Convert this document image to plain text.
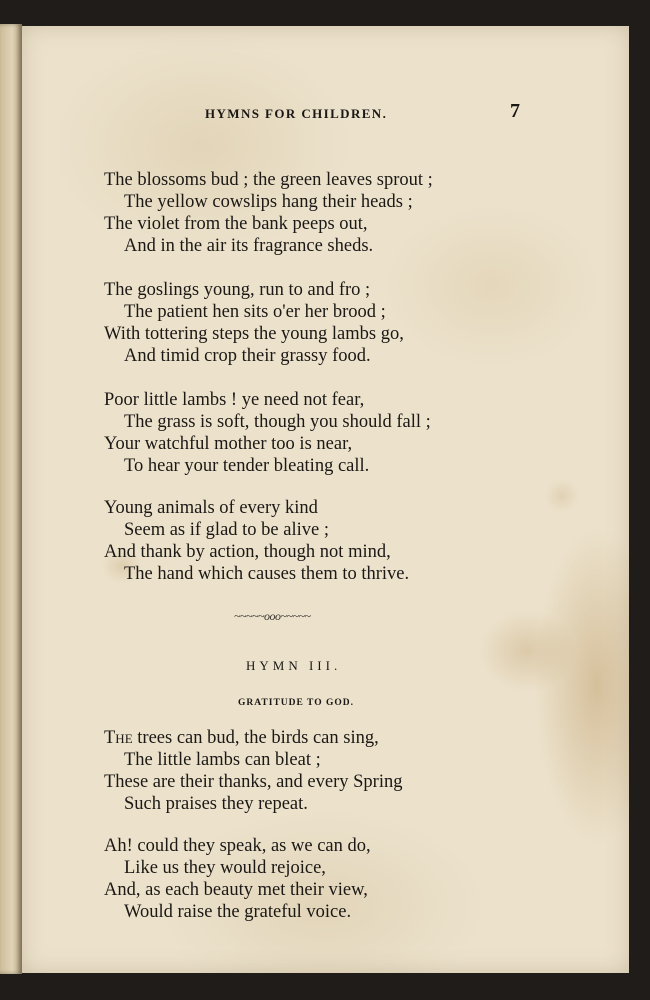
HYMNS FOR CHILDREN.	7
The blossoms bud ; the green leaves sprout ;
The yellow cowslips hang their heads ;
The violet from the bank peeps out,
And in the air its fragrance sheds.
The goslings young, run to and fro ;
The patient hen sits o'er her brood ;
With tottering steps the young lambs go,
And timid crop their grassy food.
Poor little lambs ! ye need not fear,
The grass is soft, though you should fall ;
Your watchful mother too is near,
To hear your tender bleating call.
Young animals of every kind
Seem as if glad to be alive ;
And thank by action, though not mind,
The hand which causes them to thrive.
~~~~~ooo~~~~~
HYMN III.
GRATITUDE TO GOD.
The trees can bud, the birds can sing,
The little lambs can bleat ;
These are their thanks, and every Spring
Such praises they repeat.
Ah! could they speak, as we can do,
Like us they would rejoice,
And, as each beauty met their view,
Would raise the grateful voice.
